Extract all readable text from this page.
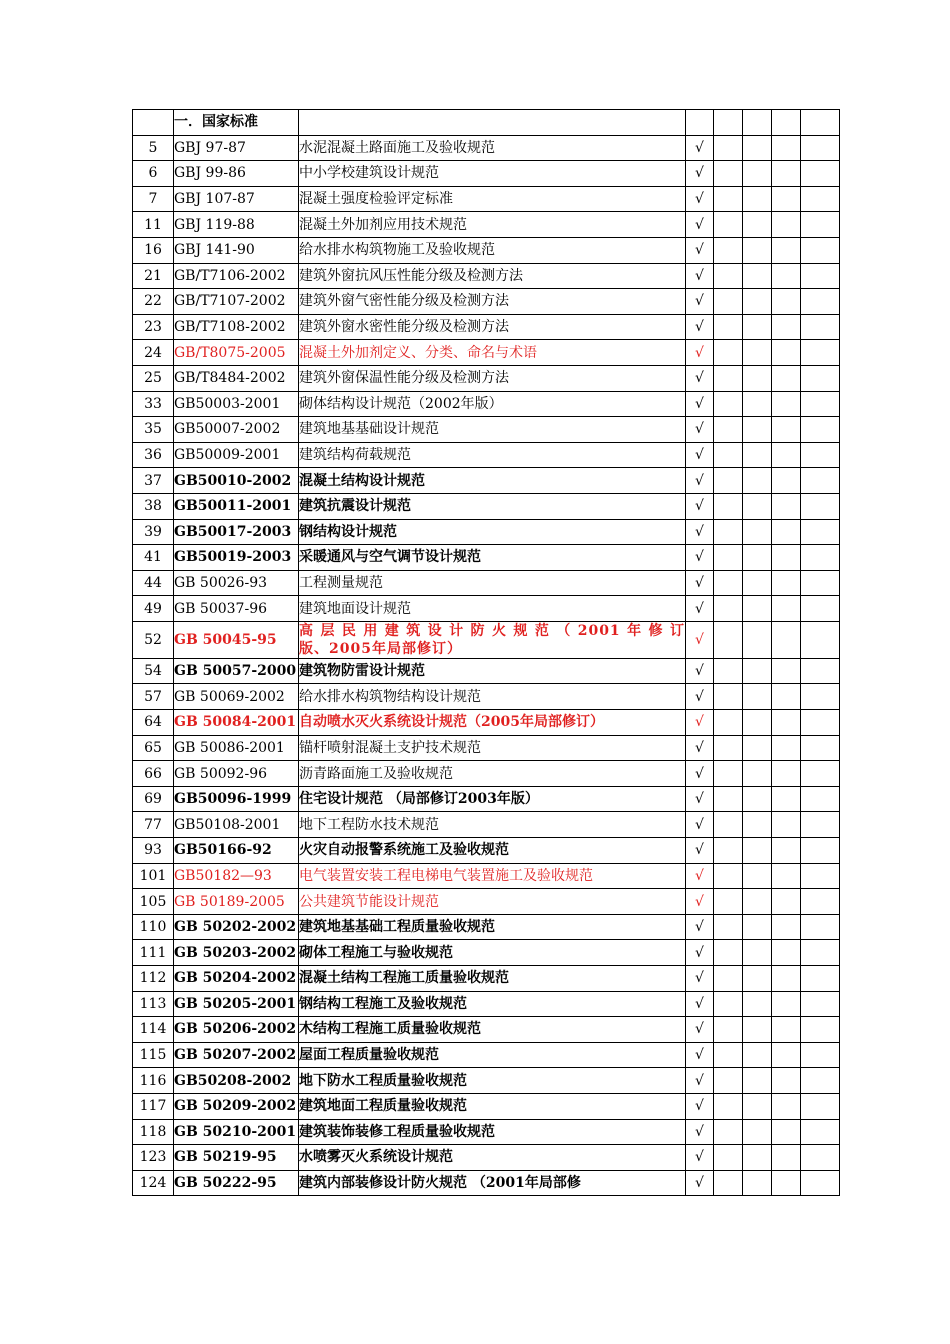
	一．国家标准						
5	GBJ 97-87	水泥混凝土路面施工及验收规范	√				
6	GBJ 99-86	中小学校建筑设计规范	√				
7	GBJ 107-87	混凝土强度检验评定标准	√				
11	GBJ 119-88	混凝土外加剂应用技术规范	√				
16	GBJ 141-90	给水排水构筑物施工及验收规范	√				
21	GB/T7106-2002	建筑外窗抗风压性能分级及检测方法	√				
22	GB/T7107-2002	建筑外窗气密性能分级及检测方法	√				
23	GB/T7108-2002	建筑外窗水密性能分级及检测方法	√				
24	GB/T8075-2005	混凝土外加剂定义、分类、命名与术语	√				
25	GB/T8484-2002	建筑外窗保温性能分级及检测方法	√				
33	GB50003-2001	砌体结构设计规范（2002年版）	√				
35	GB50007-2002	建筑地基基础设计规范	√				
36	GB50009-2001	建筑结构荷载规范	√				
37	GB50010-2002	混凝土结构设计规范	√				
38	GB50011-2001	建筑抗震设计规范	√				
39	GB50017-2003	钢结构设计规范	√				
41	GB50019-2003	采暖通风与空气调节设计规范	√				
44	GB 50026-93	工程测量规范	√				
49	GB 50037-96	建筑地面设计规范	√				
52	GB 50045-95	高层民用建筑设计防火规范（2001年修订
版、2005年局部修订）	√				
54	GB 50057-2000	建筑物防雷设计规范	√				
57	GB 50069-2002	给水排水构筑物结构设计规范	√				
64	GB 50084-2001	自动喷水灭火系统设计规范（2005年局部修订）	√				
65	GB 50086-2001	锚杆喷射混凝土支护技术规范	√				
66	GB 50092-96	沥青路面施工及验收规范	√				
69	GB50096-1999	住宅设计规范 （局部修订2003年版）	√				
77	GB50108-2001	地下工程防水技术规范	√				
93	GB50166-92	火灾自动报警系统施工及验收规范	√				
101	GB50182—93	电气装置安装工程电梯电气装置施工及验收规范	√				
105	GB 50189-2005	公共建筑节能设计规范	√				
110	GB 50202-2002	建筑地基基础工程质量验收规范	√				
111	GB 50203-2002	砌体工程施工与验收规范	√				
112	GB 50204-2002	混凝土结构工程施工质量验收规范	√				
113	GB 50205-2001	钢结构工程施工及验收规范	√				
114	GB 50206-2002	木结构工程施工质量验收规范	√				
115	GB 50207-2002	屋面工程质量验收规范	√				
116	GB50208-2002	地下防水工程质量验收规范	√				
117	GB 50209-2002	建筑地面工程质量验收规范	√				
118	GB 50210-2001	建筑装饰装修工程质量验收规范	√				
123	GB 50219-95	水喷雾灭火系统设计规范	√				
124	GB 50222-95	建筑内部装修设计防火规范 （2001年局部修	√				
